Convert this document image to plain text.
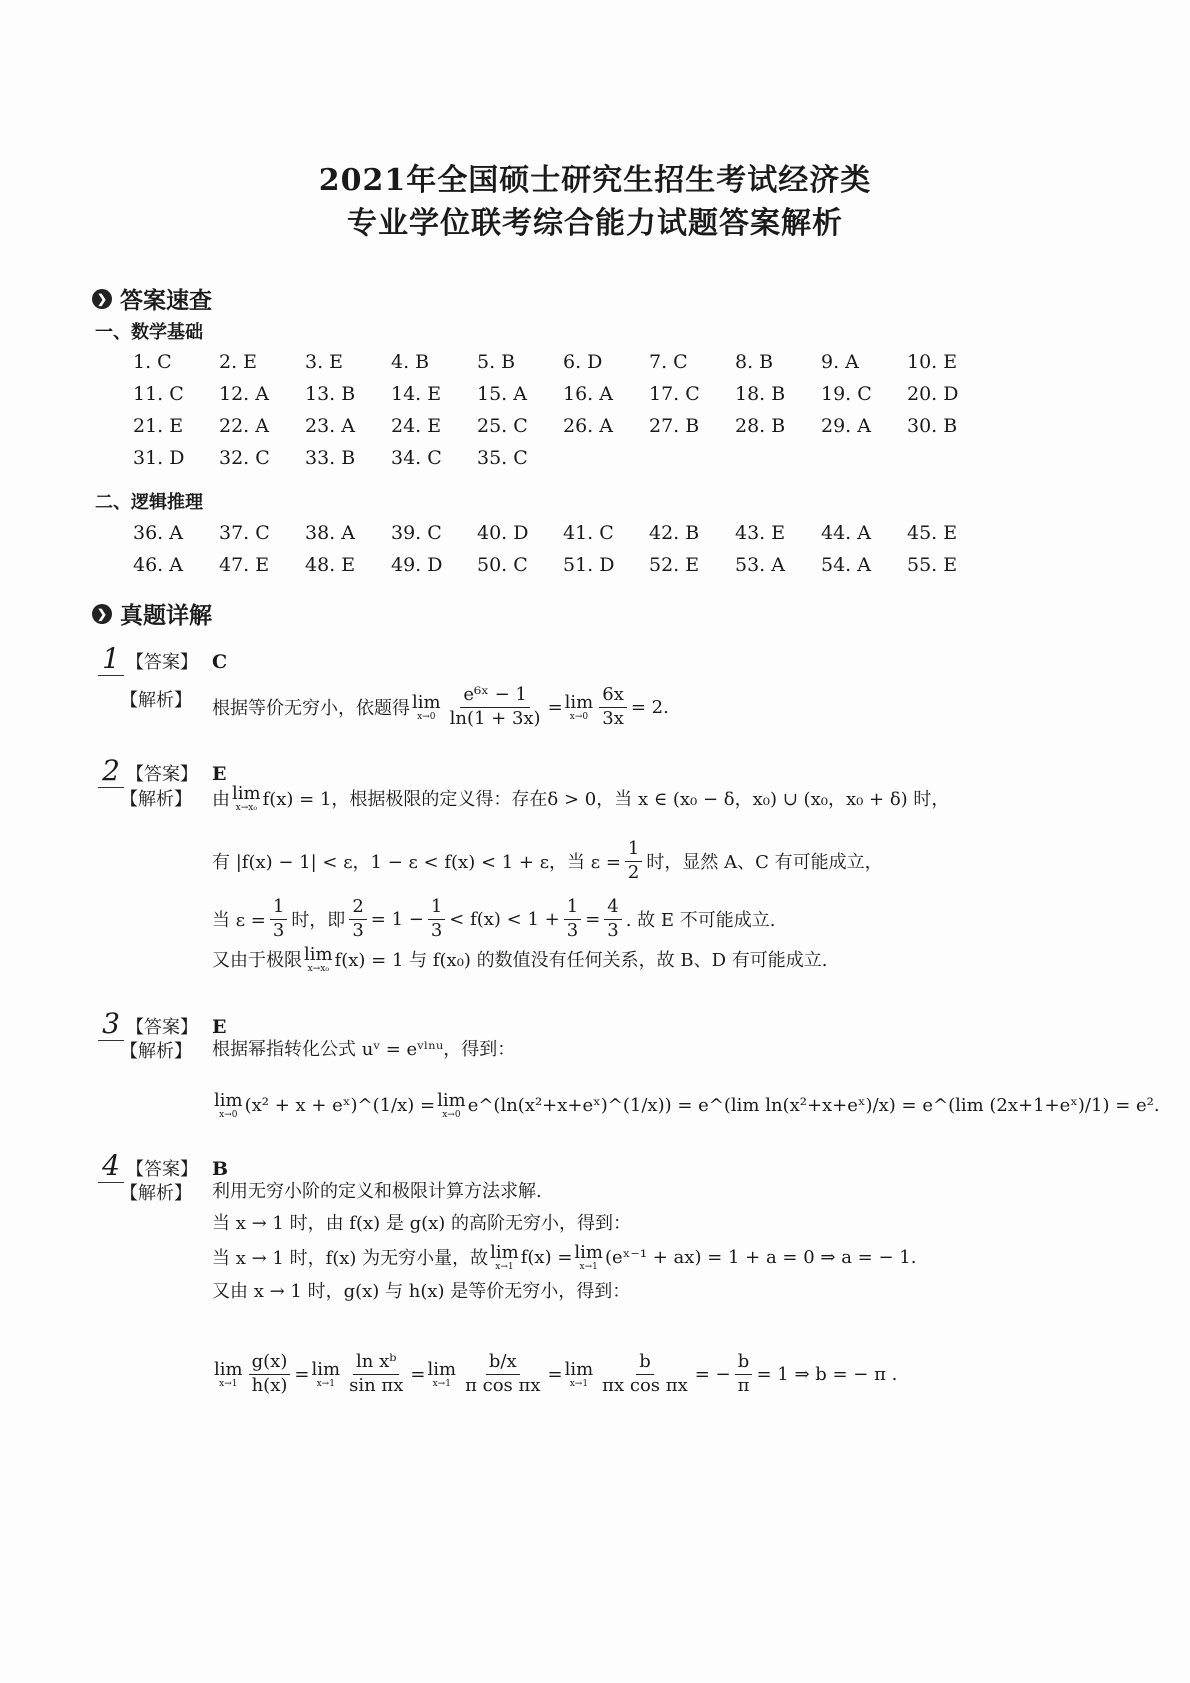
2021年全国硕士研究生招生考试经济类
专业学位联考综合能力试题答案解析
❯ 答案速查
一、数学基础
1. C	2. E	3. E	4. B	5. B	6. D	7. C	8. B	9. A	10. E
11. C	12. A	13. B	14. E	15. A	16. A	17. C	18. B	19. C	20. D
21. E	22. A	23. A	24. E	25. C	26. A	27. B	28. B	29. A	30. B
31. D	32. C	33. B	34. C	35. C
二、逻辑推理
36. A	37. C	38. A	39. C	40. D	41. C	42. B	43. E	44. A	45. E
46. A	47. E	48. E	49. D	50. C	51. D	52. E	53. A	54. A	55. E
❯ 真题详解
1 【答案】 C
【解析】 根据等价无穷小，依题得 lim
$x\to 0 \frac{\text{e⁶ˣ − 1}}{\ln(1 + 3x)} = \lim$
$x\to 0 \frac{6x}{3x} = 2$.
2 【答案】 E
【解析】 由 lim
x→x₀ f(x) = 1，根据极限的定义得：存在δ > 0，当 x ∈ (x₀ − δ，x₀) ∪ (x₀，x₀ + δ) 时，
有 |f(x) − 1| < ε，1 − ε < f(x) < 1 + ε，当 $\varepsilon = \frac{1}{2}$ 时，显然 A、C 有可能成立，
当 $\varepsilon = \frac{1}{3}$ 时，即 $\frac{2}{3} = 1 - \frac{1}{3} < f(x) < 1 + \frac{1}{3} = \frac{4}{3}$ . 故 E 不可能成立.
又由于极限 lim
x→x₀ f(x) = 1 与 f(x₀) 的数值没有任何关系，故 B、D 有可能成立.
3 【答案】 E
【解析】 根据幂指转化公式 uᵛ = eᵛˡⁿᵘ，得到：
lim
x→0 (x² + x + eˣ)^(1/x) = lim
x→0 e^(ln(x²+x+eˣ)^(1/x)) = e^(lim ln(x²+x+eˣ)/x) = e^(lim (2x+1+eˣ)/1) = e².
4 【答案】 B
【解析】 利用无穷小阶的定义和极限计算方法求解.
当 x → 1 时，由 f(x) 是 g(x) 的高阶无穷小，得到：
当 x → 1 时，f(x) 为无穷小量，故 lim
x→1 f(x) = lim
x→1 (eˣ⁻¹ + ax) = 1 + a = 0 ⇒ a = − 1.
又由 x → 1 时，g(x) 与 h(x) 是等价无穷小，得到：
lim
$x\to 1 \frac{g(x)}{h(x)} = \lim$
$x\to 1 \frac{\text{ln xᵇ}}{\text{sin πx}} = \lim$
$x\to 1 \frac{b/x}{\text{π cos πx}} = \lim$
$x\to 1 \frac{b}{\text{πx cos πx}}$ = − $\frac{b}{\pi} = 1$ ⇒ b = − π .
